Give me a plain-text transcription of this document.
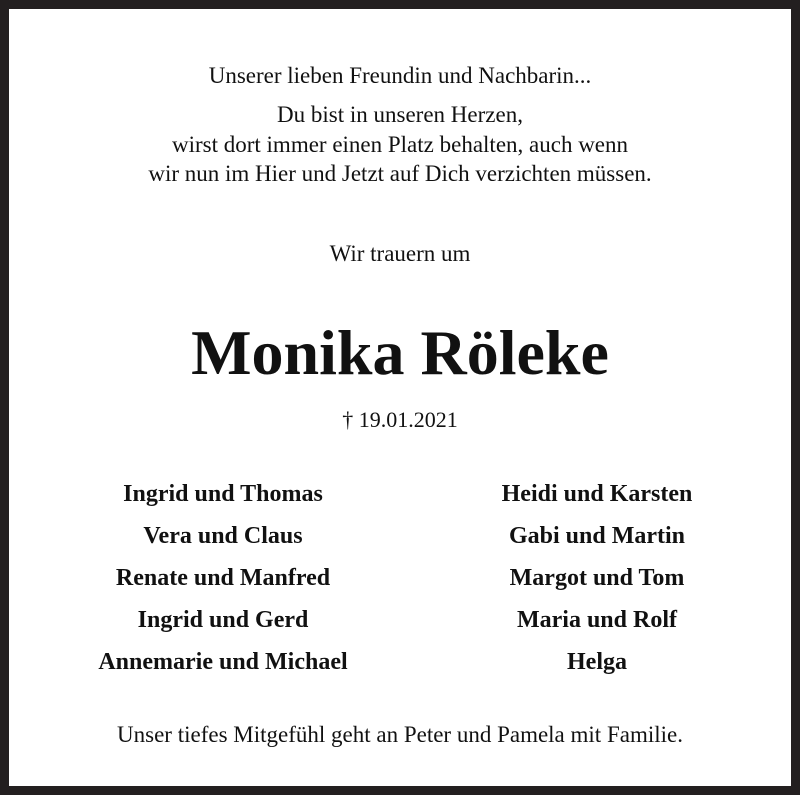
Unserer lieben Freundin und Nachbarin...
Du bist in unseren Herzen,
wirst dort immer einen Platz behalten, auch wenn
wir nun im Hier und Jetzt auf Dich verzichten müssen.
Wir trauern um
Monika Röleke
† 19.01.2021
Ingrid und Thomas
Vera und Claus
Renate und Manfred
Ingrid und Gerd
Annemarie und Michael
Heidi und Karsten
Gabi und Martin
Margot und Tom
Maria und Rolf
Helga
Unser tiefes Mitgefühl geht an Peter und Pamela mit Familie.
